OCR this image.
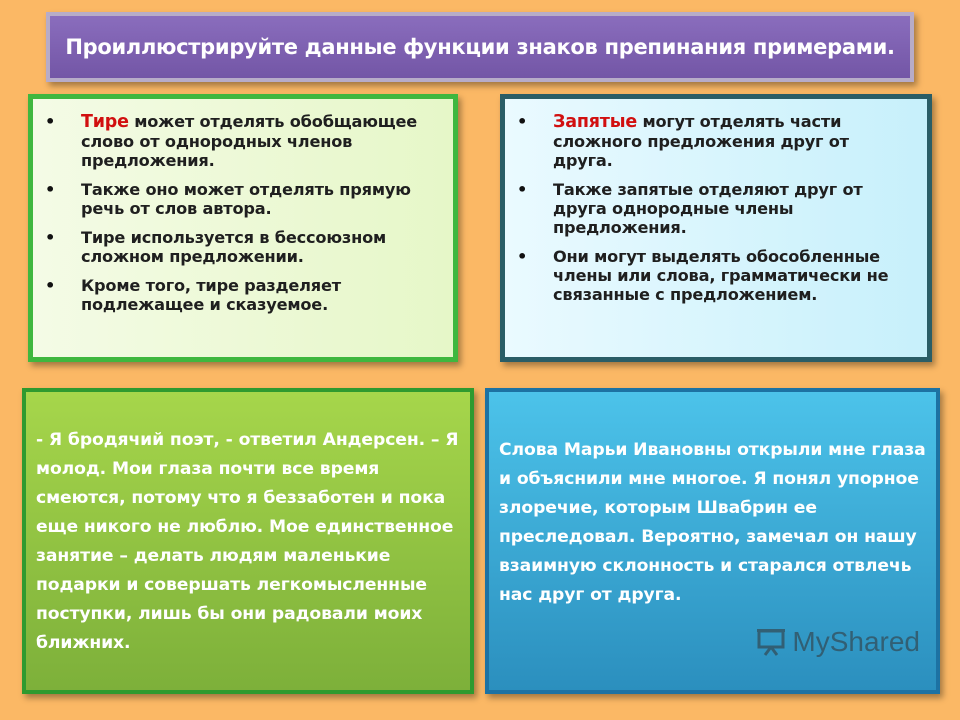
Проиллюстрируйте данные функции знаков препинания примерами.
• Тире может отделять обобщающее слово от однородных членов предложения.
• Также оно может отделять прямую речь от слов автора.
• Тире используется в бессоюзном сложном предложении.
• Кроме того, тире разделяет подлежащее и сказуемое.
• Запятые могут отделять части сложного предложения друг от друга.
• Также запятые отделяют друг от друга однородные члены предложения.
• Они могут выделять обособленные члены или слова, грамматически не связанные с предложением.
- Я бродячий поэт, - ответил Андерсен. – Я молод. Мои глаза почти все время смеются, потому что я беззаботен и пока еще никого не люблю. Мое единственное занятие – делать людям маленькие подарки и совершать легкомысленные поступки, лишь бы они радовали моих ближних.
Слова Марьи Ивановны открыли мне глаза и объяснили мне многое. Я понял упорное злоречие, которым Швабрин ее преследовал. Вероятно, замечал он нашу взаимную склонность и старался отвлечь нас друг от друга.
MyShared
